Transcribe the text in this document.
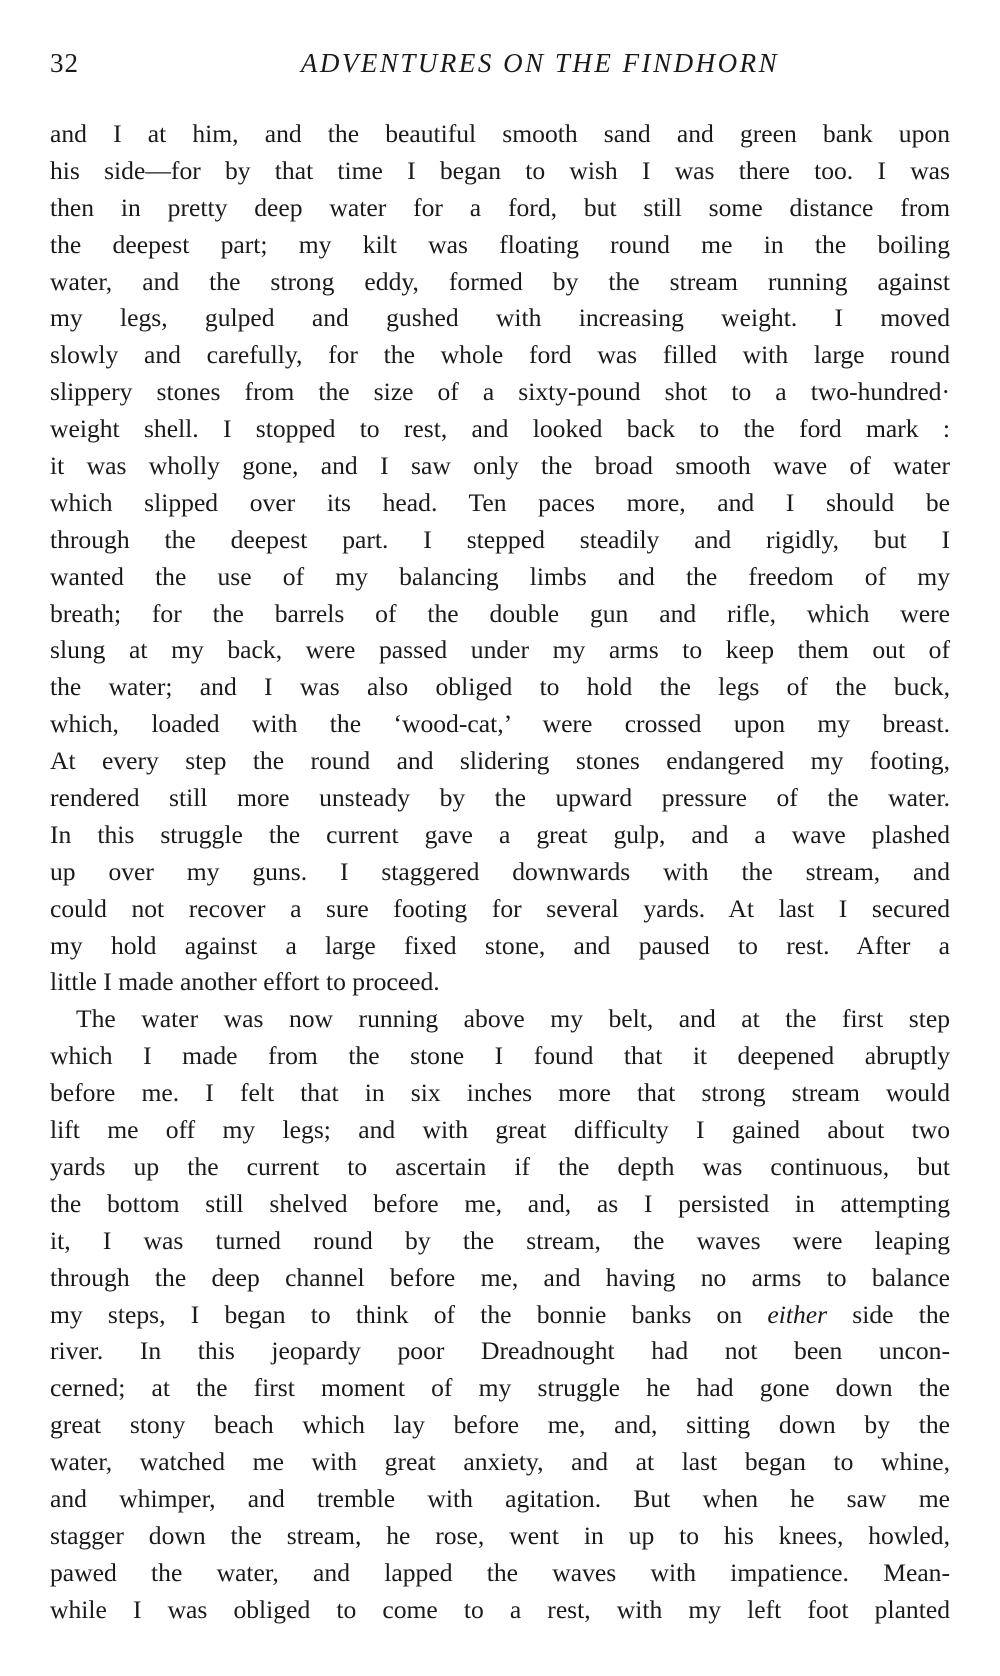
32	ADVENTURES ON THE FINDHORN
and I at him, and the beautiful smooth sand and green bank upon
his side—for by that time I began to wish I was there too. I was
then in pretty deep water for a ford, but still some distance from
the deepest part; my kilt was floating round me in the boiling
water, and the strong eddy, formed by the stream running against
my legs, gulped and gushed with increasing weight. I moved
slowly and carefully, for the whole ford was filled with large round
slippery stones from the size of a sixty-pound shot to a two-hundred·
weight shell. I stopped to rest, and looked back to the ford mark :
it was wholly gone, and I saw only the broad smooth wave of water
which slipped over its head. Ten paces more, and I should be
through the deepest part. I stepped steadily and rigidly, but I
wanted the use of my balancing limbs and the freedom of my
breath; for the barrels of the double gun and rifle, which were
slung at my back, were passed under my arms to keep them out of
the water; and I was also obliged to hold the legs of the buck,
which, loaded with the ‘wood-cat,’ were crossed upon my breast.
At every step the round and slidering stones endangered my footing,
rendered still more unsteady by the upward pressure of the water.
In this struggle the current gave a great gulp, and a wave plashed
up over my guns. I staggered downwards with the stream, and
could not recover a sure footing for several yards. At last I secured
my hold against a large fixed stone, and paused to rest. After a
little I made another effort to proceed.
The water was now running above my belt, and at the first step
which I made from the stone I found that it deepened abruptly
before me. I felt that in six inches more that strong stream would
lift me off my legs; and with great difficulty I gained about two
yards up the current to ascertain if the depth was continuous, but
the bottom still shelved before me, and, as I persisted in attempting
it, I was turned round by the stream, the waves were leaping
through the deep channel before me, and having no arms to balance
my steps, I began to think of the bonnie banks on either side the
river. In this jeopardy poor Dreadnought had not been uncon-
cerned; at the first moment of my struggle he had gone down the
great stony beach which lay before me, and, sitting down by the
water, watched me with great anxiety, and at last began to whine,
and whimper, and tremble with agitation. But when he saw me
stagger down the stream, he rose, went in up to his knees, howled,
pawed the water, and lapped the waves with impatience. Mean-
while I was obliged to come to a rest, with my left foot planted
